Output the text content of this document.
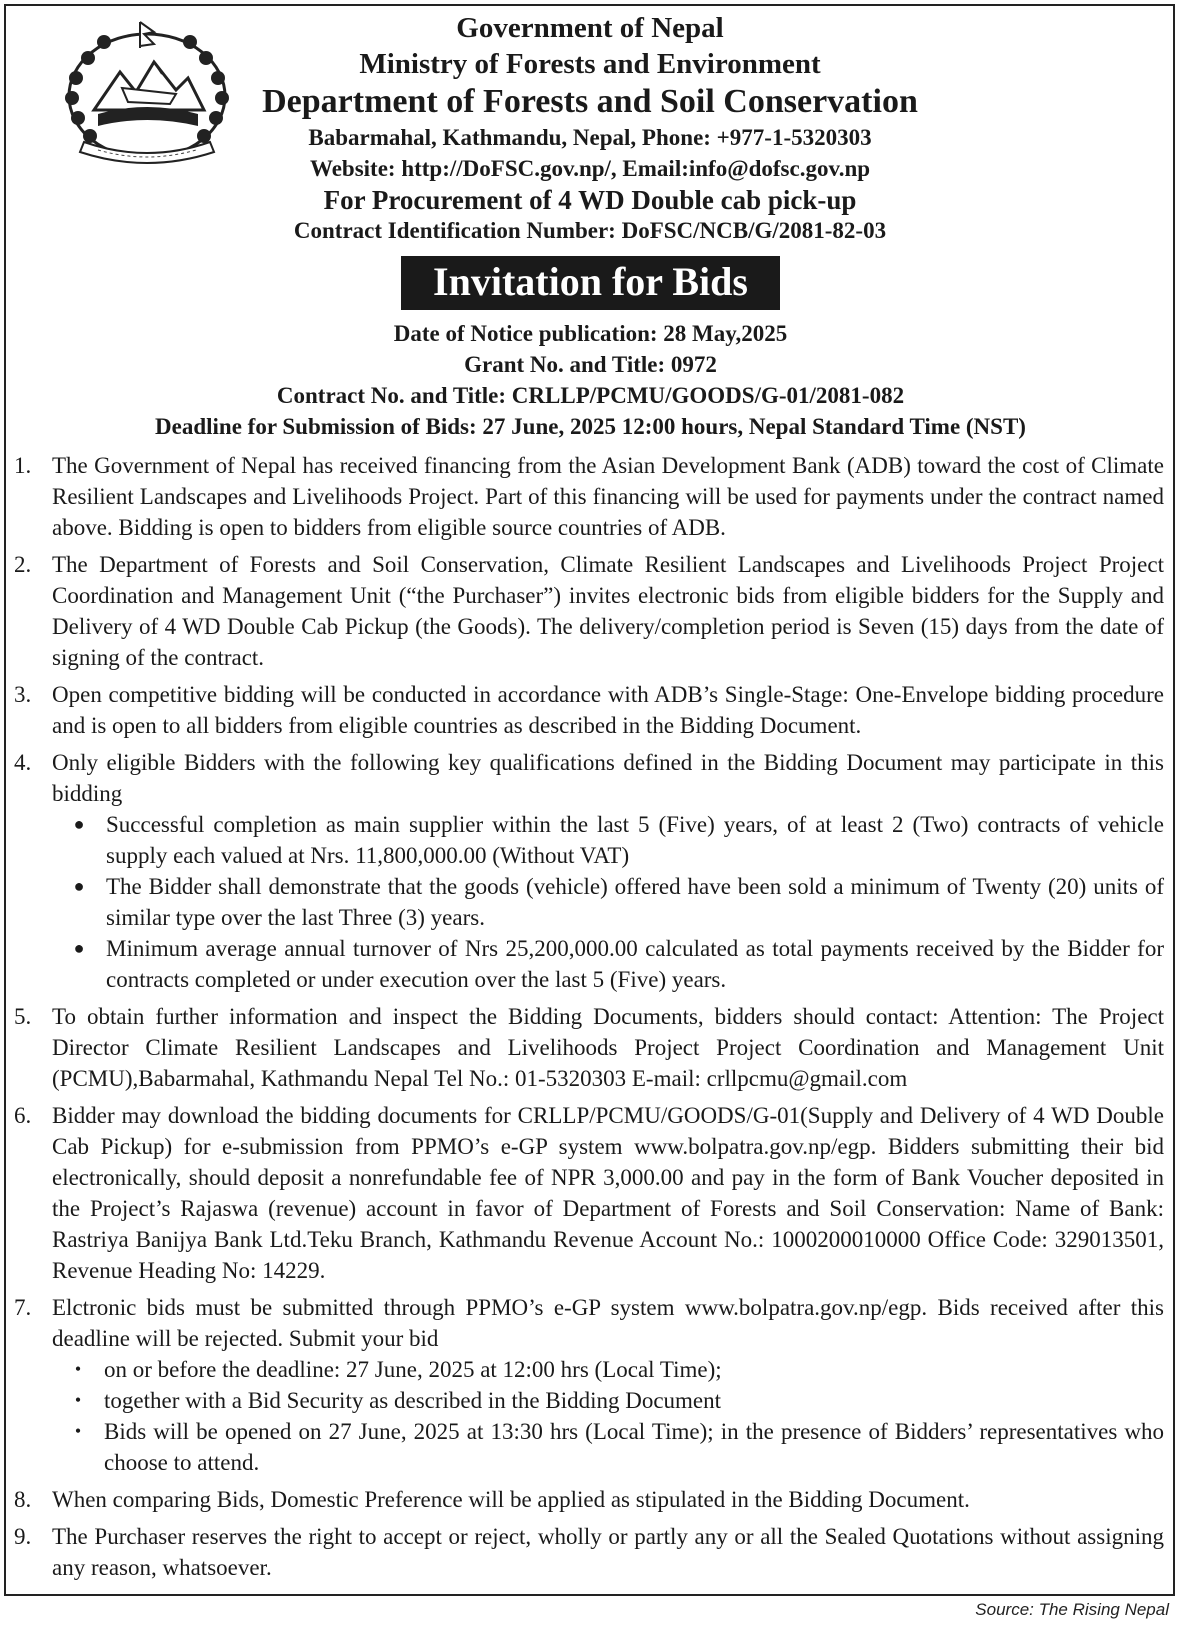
Government of Nepal
Ministry of Forests and Environment
Department of Forests and Soil Conservation
Babarmahal, Kathmandu, Nepal, Phone: +977-1-5320303
Website: http://DoFSC.gov.np/, Email:info@dofsc.gov.np
For Procurement of 4 WD Double cab pick-up
Contract Identification Number: DoFSC/NCB/G/2081-82-03
Invitation for Bids
Date of Notice publication: 28 May,2025
Grant No. and Title: 0972
Contract No. and Title: CRLLP/PCMU/GOODS/G-01/2081-082
Deadline for Submission of Bids: 27 June, 2025 12:00 hours, Nepal Standard Time (NST)
1. The Government of Nepal has received financing from the Asian Development Bank (ADB) toward the cost of Climate Resilient Landscapes and Livelihoods Project. Part of this financing will be used for payments under the contract named above. Bidding is open to bidders from eligible source countries of ADB.
2. The Department of Forests and Soil Conservation, Climate Resilient Landscapes and Livelihoods Project Project Coordination and Management Unit (“the Purchaser”) invites electronic bids from eligible bidders for the Supply and Delivery of 4 WD Double Cab Pickup (the Goods). The delivery/completion period is Seven (15) days from the date of signing of the contract.
3. Open competitive bidding will be conducted in accordance with ADB’s Single-Stage: One-Envelope bidding procedure and is open to all bidders from eligible countries as described in the Bidding Document.
4. Only eligible Bidders with the following key qualifications defined in the Bidding Document may participate in this bidding
● Successful completion as main supplier within the last 5 (Five) years, of at least 2 (Two) contracts of vehicle supply each valued at Nrs. 11,800,000.00 (Without VAT)
● The Bidder shall demonstrate that the goods (vehicle) offered have been sold a minimum of Twenty (20) units of similar type over the last Three (3) years.
● Minimum average annual turnover of Nrs 25,200,000.00 calculated as total payments received by the Bidder for contracts completed or under execution over the last 5 (Five) years.
5. To obtain further information and inspect the Bidding Documents, bidders should contact: Attention: The Project Director Climate Resilient Landscapes and Livelihoods Project Project Coordination and Management Unit (PCMU),Babarmahal, Kathmandu Nepal Tel No.: 01-5320303 E-mail: crllpcmu@gmail.com
6. Bidder may download the bidding documents for CRLLP/PCMU/GOODS/G-01(Supply and Delivery of 4 WD Double Cab Pickup) for e-submission from PPMO’s e-GP system www.bolpatra.gov.np/egp. Bidders submitting their bid electronically, should deposit a nonrefundable fee of NPR 3,000.00 and pay in the form of Bank Voucher deposited in the Project’s Rajaswa (revenue) account in favor of Department of Forests and Soil Conservation: Name of Bank: Rastriya Banijya Bank Ltd.Teku Branch, Kathmandu Revenue Account No.: 1000200010000 Office Code: 329013501, Revenue Heading No: 14229.
7. Elctronic bids must be submitted through PPMO’s e-GP system www.bolpatra.gov.np/egp. Bids received after this deadline will be rejected. Submit your bid
• on or before the deadline: 27 June, 2025 at 12:00 hrs (Local Time);
• together with a Bid Security as described in the Bidding Document
• Bids will be opened on 27 June, 2025 at 13:30 hrs (Local Time); in the presence of Bidders’ representatives who choose to attend.
8. When comparing Bids, Domestic Preference will be applied as stipulated in the Bidding Document.
9. The Purchaser reserves the right to accept or reject, wholly or partly any or all the Sealed Quotations without assigning any reason, whatsoever.
Source: The Rising Nepal
